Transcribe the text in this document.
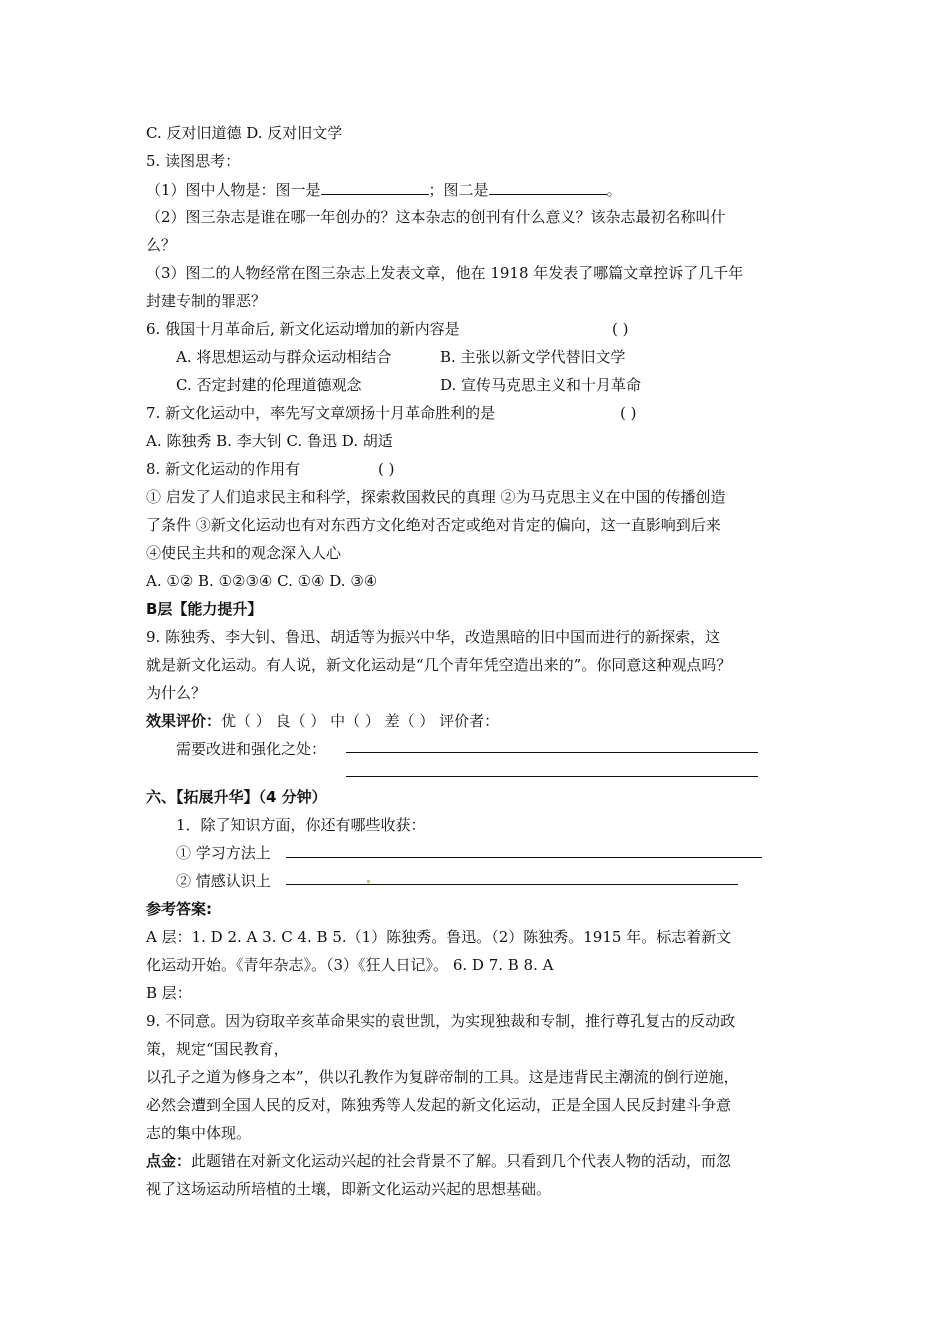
C. 反对旧道德 D. 反对旧文学
5. 读图思考：
（1）图中人物是：图一是	；图二是	。
（2）图三杂志是谁在哪一年创办的？这本杂志的创刊有什么意义？该杂志最初名称叫什
么？
（3）图二的人物经常在图三杂志上发表文章，他在 1918 年发表了哪篇文章控诉了几千年
封建专制的罪恶？
6. 俄国十月革命后, 新文化运动增加的新内容是	( )
A. 将思想运动与群众运动相结合	B. 主张以新文学代替旧文学
C. 否定封建的伦理道德观念	D. 宣传马克思主义和十月革命
7. 新文化运动中，率先写文章颂扬十月革命胜利的是	( )
A. 陈独秀 B. 李大钊 C. 鲁迅 D. 胡适
8. 新文化运动的作用有	( )
① 启发了人们追求民主和科学，探索救国救民的真理 ②为马克思主义在中国的传播创造
了条件 ③新文化运动也有对东西方文化绝对否定或绝对肯定的偏向，这一直影响到后来
④使民主共和的观念深入人心
A. ①② B. ①②③④ C. ①④ D. ③④
B层【能力提升】
9. 陈独秀、李大钊、鲁迅、胡适等为振兴中华，改造黑暗的旧中国而进行的新探索，这
就是新文化运动。有人说，新文化运动是“几个青年凭空造出来的”。你同意这种观点吗？
为什么？
效果评价：优（ ） 良（ ） 中（ ） 差（ ） 评价者：
需要改进和强化之处：
六、【拓展升华】（4 分钟）
1．除了知识方面，你还有哪些收获：
① 学习方法上
② 情感认识上
参考答案:
A 层：1. D 2. A 3. C 4. B 5.（1）陈独秀。鲁迅。（2）陈独秀。1915 年。标志着新文
化运动开始。《青年杂志》。（3）《狂人日记》。 6. D 7. B 8. A
B 层：
9. 不同意。因为窃取辛亥革命果实的袁世凯，为实现独裁和专制，推行尊孔复古的反动政
策，规定“国民教育，
以孔子之道为修身之本”，供以孔教作为复辟帝制的工具。这是违背民主潮流的倒行逆施，
必然会遭到全国人民的反对，陈独秀等人发起的新文化运动，正是全国人民反封建斗争意
志的集中体现。
点金：此题错在对新文化运动兴起的社会背景不了解。只看到几个代表人物的活动，而忽
视了这场运动所培植的土壤，即新文化运动兴起的思想基础。
